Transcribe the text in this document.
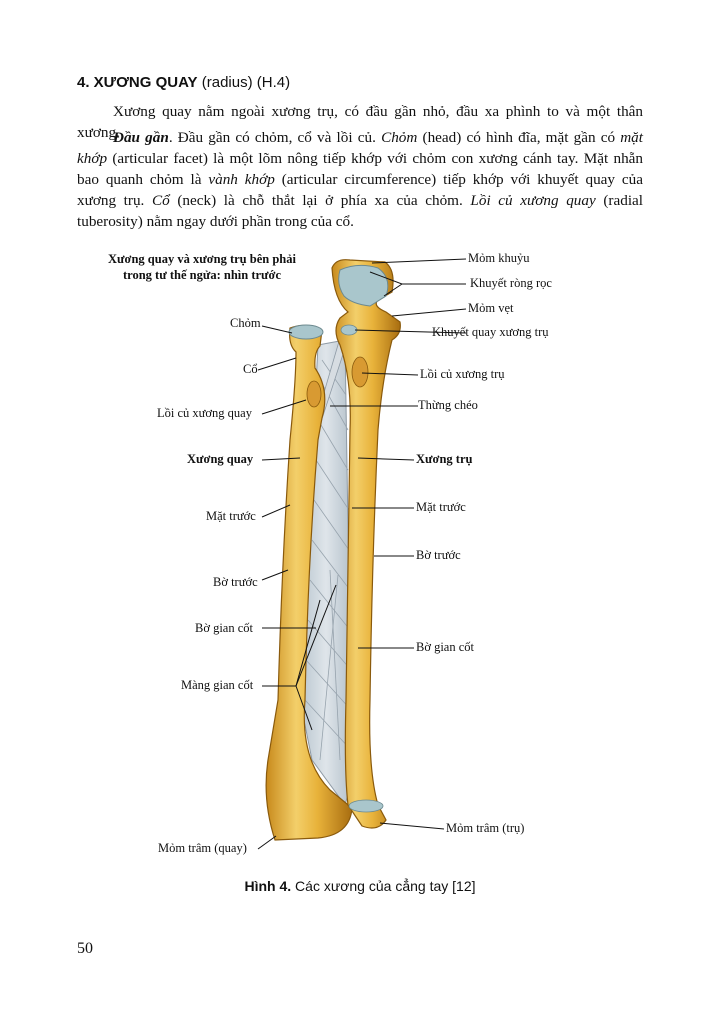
4. XƯƠNG QUAY (radius) (H.4)

Xương quay nằm ngoài xương trụ, có đầu gần nhỏ, đầu xa phình to và một thân xương.

Đầu gần. Đầu gần có chỏm, cổ và lồi củ. Chỏm (head) có hình đĩa, mặt gần có mặt khớp (articular facet) là một lõm nông tiếp khớp với chỏm con xương cánh tay. Mặt nhẵn bao quanh chỏm là vành khớp (articular circumference) tiếp khớp với khuyết quay của xương trụ. Cổ (neck) là chỗ thắt lại ở phía xa của chỏm. Lồi củ xương quay (radial tuberosity) nằm ngay dưới phần trong của cổ.

Xương quay và xương trụ bên phải
trong tư thế ngửa: nhìn trước
Chỏm
Cổ
Lồi củ xương quay
Xương quay
Mặt trước
Bờ trước
Bờ gian cốt
Màng gian cốt
Mỏm trâm (quay)
Mỏm khuỷu
Khuyết ròng rọc
Mỏm vẹt
Khuyết quay xương trụ
Lồi củ xương trụ
Thừng chéo
Xương trụ
Mặt trước
Bờ trước
Bờ gian cốt
Mỏm trâm (trụ)
Hình 4. Các xương của cẳng tay [12]
50
